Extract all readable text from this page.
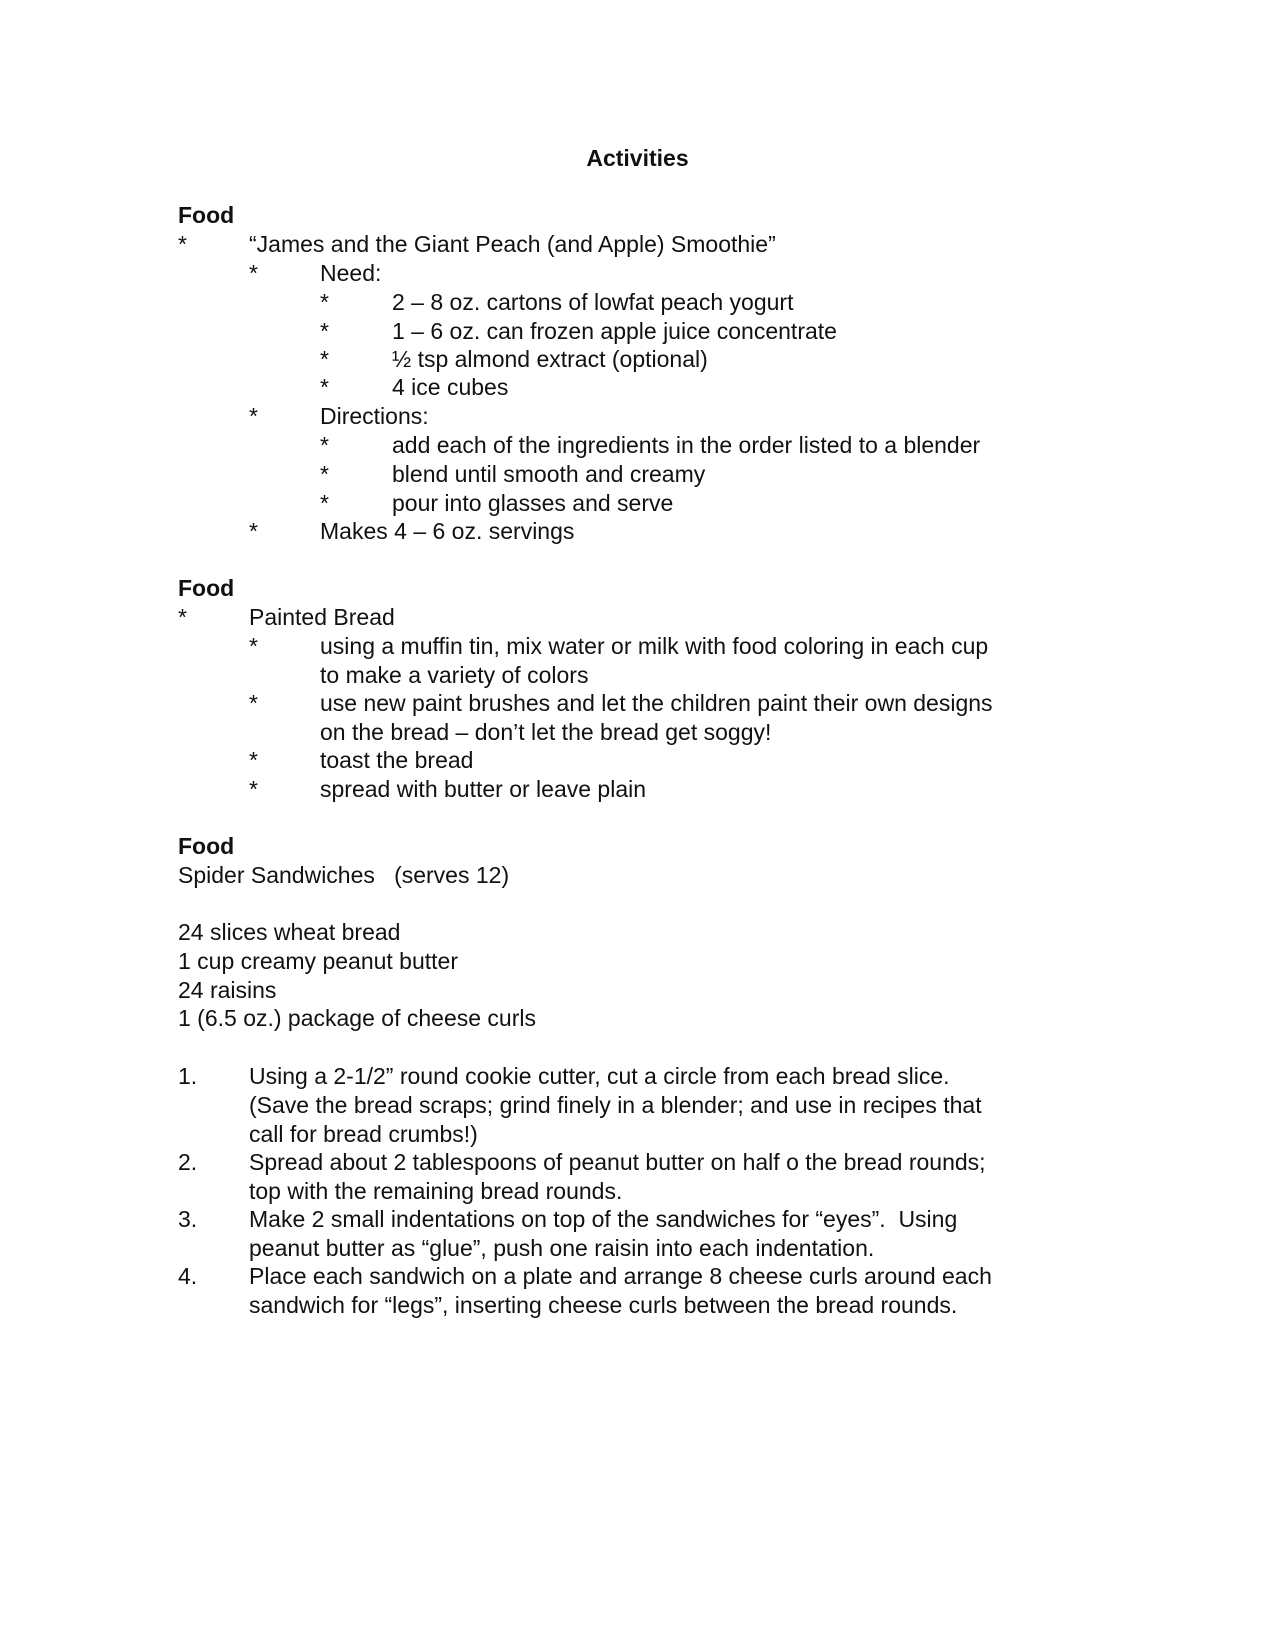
Activities
Food
*	“James and the Giant Peach (and Apple) Smoothie”
*	Need:
*	2 – 8 oz. cartons of lowfat peach yogurt
*	1 – 6 oz. can frozen apple juice concentrate
*	½ tsp almond extract (optional)
*	4 ice cubes
*	Directions:
*	add each of the ingredients in the order listed to a blender
*	blend until smooth and creamy
*	pour into glasses and serve
*	Makes 4 – 6 oz. servings
Food
*	Painted Bread
*	using a muffin tin, mix water or milk with food coloring in each cup
to make a variety of colors
*	use new paint brushes and let the children paint their own designs
on the bread – don’t let the bread get soggy!
*	toast the bread
*	spread with butter or leave plain
Food
Spider Sandwiches   (serves 12)
24 slices wheat bread
1 cup creamy peanut butter
24 raisins
1 (6.5 oz.) package of cheese curls
1. Using a 2-1/2” round cookie cutter, cut a circle from each bread slice.
(Save the bread scraps; grind finely in a blender; and use in recipes that
call for bread crumbs!)
2. Spread about 2 tablespoons of peanut butter on half o the bread rounds;
top with the remaining bread rounds.
3. Make 2 small indentations on top of the sandwiches for “eyes”.  Using
peanut butter as “glue”, push one raisin into each indentation.
4. Place each sandwich on a plate and arrange 8 cheese curls around each
sandwich for “legs”, inserting cheese curls between the bread rounds.
